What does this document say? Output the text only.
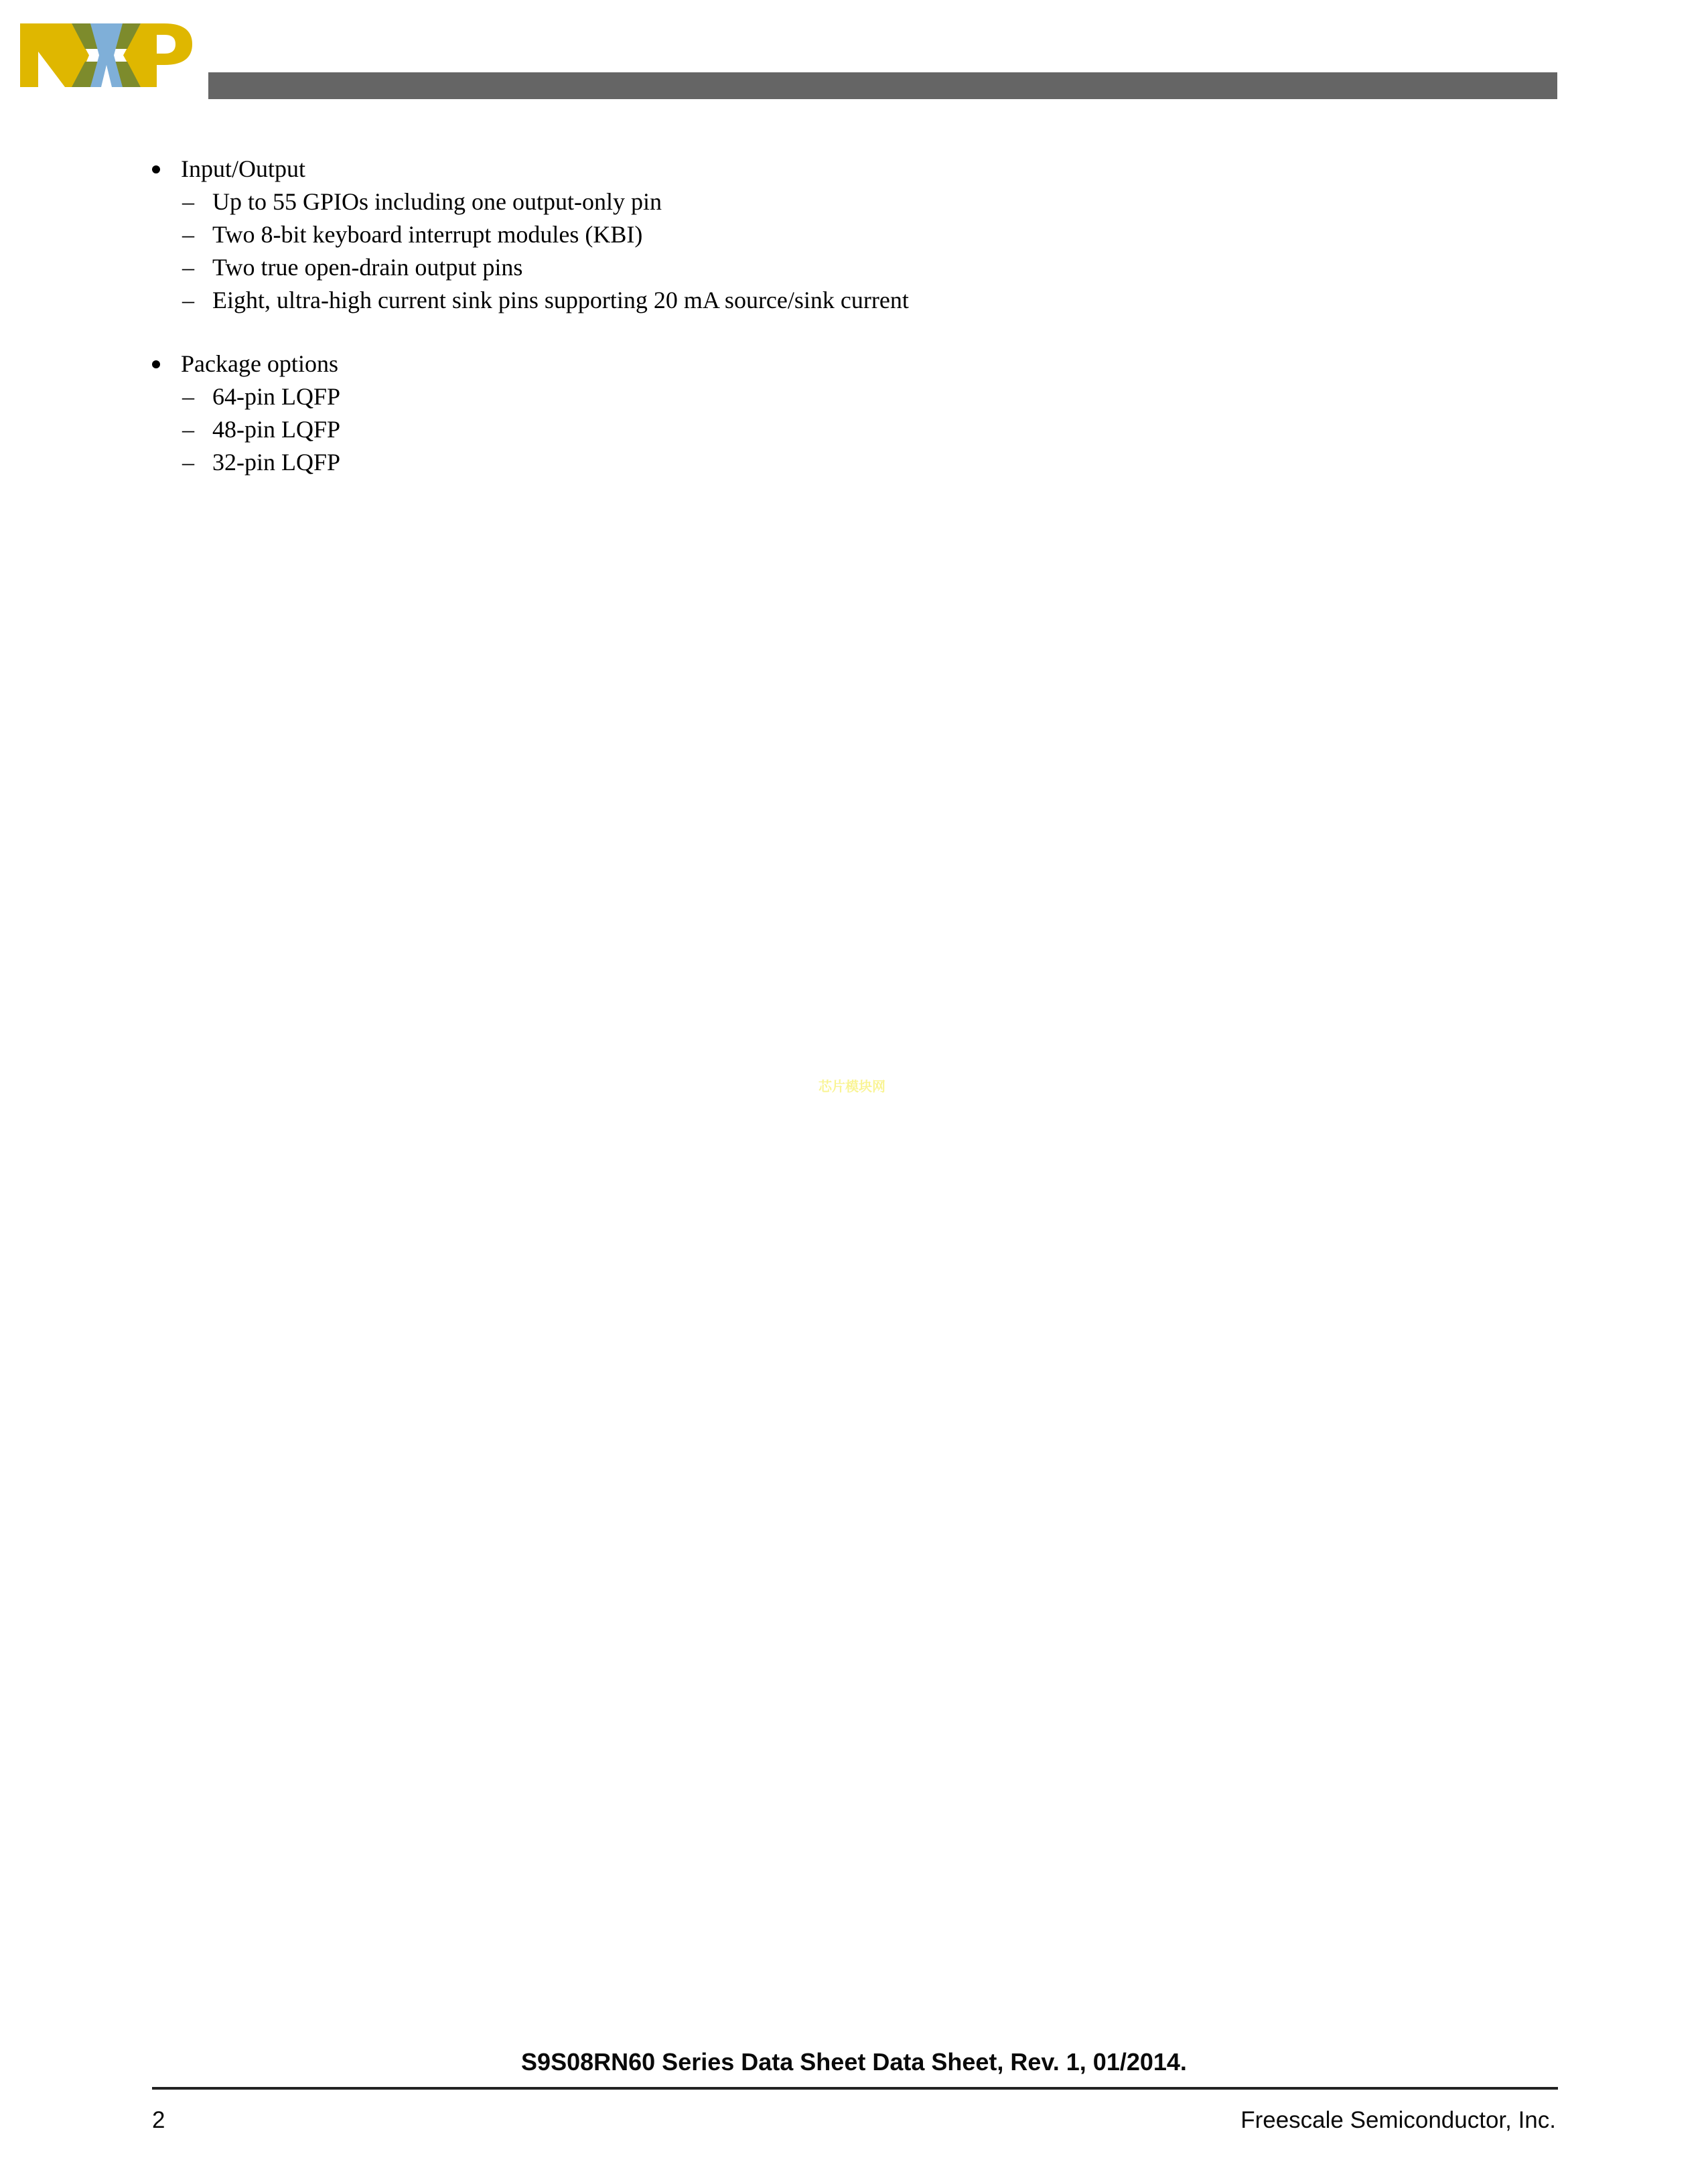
Input/Output
– Up to 55 GPIOs including one output-only pin
– Two 8-bit keyboard interrupt modules (KBI)
– Two true open-drain output pins
– Eight, ultra-high current sink pins supporting 20 mA source/sink current
Package options
– 64-pin LQFP
– 48-pin LQFP
– 32-pin LQFP
芯片模块网
S9S08RN60 Series Data Sheet Data Sheet, Rev. 1, 01/2014.
2	Freescale Semiconductor, Inc.
